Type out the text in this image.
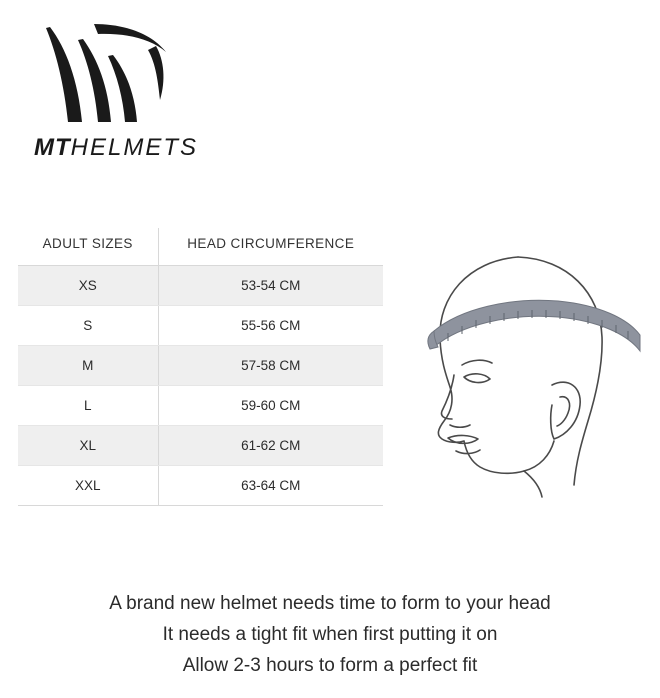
MTHELMETS
ADULT SIZES	HEAD CIRCUMFERENCE
XS	53-54 CM
S	55-56 CM
M	57-58 CM
L	59-60 CM
XL	61-62 CM
XXL	63-64 CM
A brand new helmet needs time to form to your head
It needs a tight fit when first putting it on
Allow 2-3 hours to form a perfect fit
